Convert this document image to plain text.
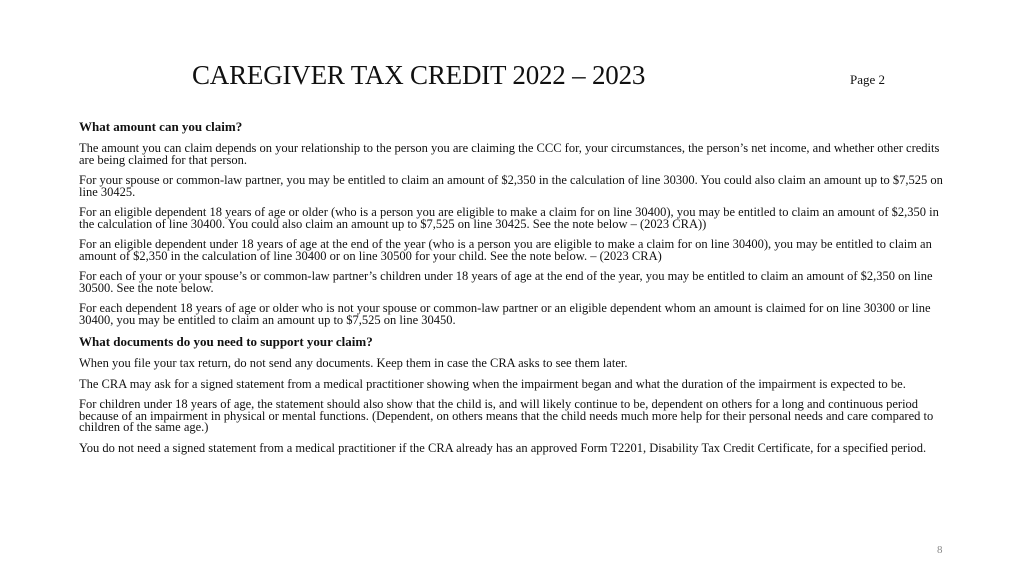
CAREGIVER TAX CREDIT 2022 – 2023	Page 2
What amount can you claim?

The amount you can claim depends on your relationship to the person you are claiming the CCC for, your circumstances, the person’s net income, and whether other credits are being claimed for that person.

For your spouse or common-law partner, you may be entitled to claim an amount of $2,350 in the calculation of line 30300. You could also claim an amount up to $7,525 on line 30425.

For an eligible dependent 18 years of age or older (who is a person you are eligible to make a claim for on line 30400), you may be entitled to claim an amount of $2,350 in the calculation of line 30400. You could also claim an amount up to $7,525 on line 30425. See the note below – (2023 CRA))

For an eligible dependent under 18 years of age at the end of the year (who is a person you are eligible to make a claim for on line 30400), you may be entitled to claim an amount of $2,350 in the calculation of line 30400 or on line 30500 for your child. See the note below. – (2023 CRA)

For each of your or your spouse’s or common-law partner’s children under 18 years of age at the end of the year, you may be entitled to claim an amount of $2,350 on line 30500. See the note below.

For each dependent 18 years of age or older who is not your spouse or common-law partner or an eligible dependent whom an amount is claimed for on line 30300 or line 30400, you may be entitled to claim an amount up to $7,525 on line 30450.

What documents do you need to support your claim?

When you file your tax return, do not send any documents. Keep them in case the CRA asks to see them later.

The CRA may ask for a signed statement from a medical practitioner showing when the impairment began and what the duration of the impairment is expected to be.

For children under 18 years of age, the statement should also show that the child is, and will likely continue to be, dependent on others for a long and continuous period because of an impairment in physical or mental functions. (Dependent, on others means that the child needs much more help for their personal needs and care compared to children of the same age.)

You do not need a signed statement from a medical practitioner if the CRA already has an approved Form T2201, Disability Tax Credit Certificate, for a specified period.

8
